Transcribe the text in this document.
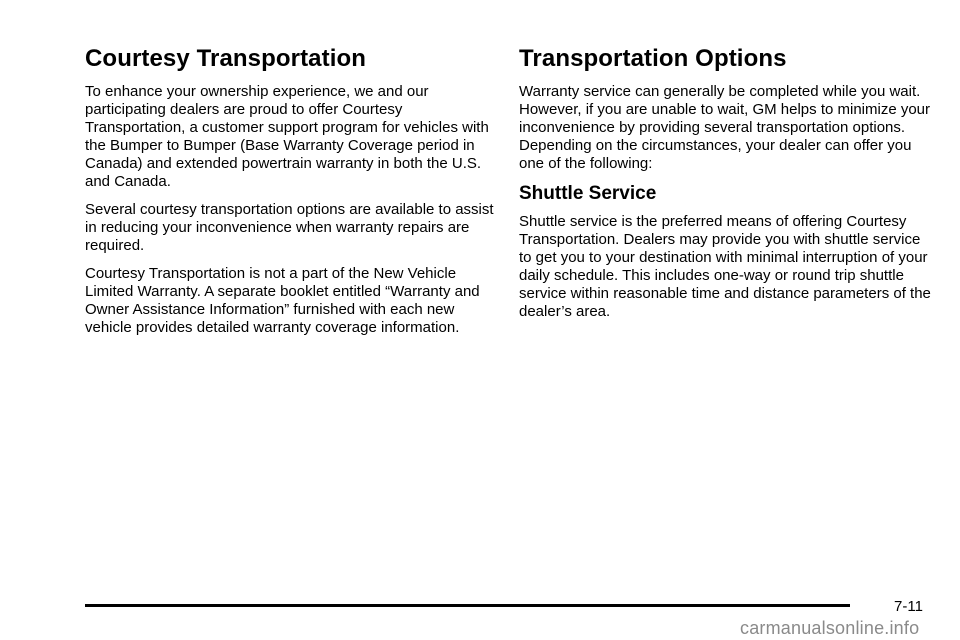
Courtesy Transportation

To enhance your ownership experience, we and our participating dealers are proud to offer Courtesy Transportation, a customer support program for vehicles with the Bumper to Bumper (Base Warranty Coverage period in Canada) and extended powertrain warranty in both the U.S. and Canada.

Several courtesy transportation options are available to assist in reducing your inconvenience when warranty repairs are required.

Courtesy Transportation is not a part of the New Vehicle Limited Warranty. A separate booklet entitled “Warranty and Owner Assistance Information” furnished with each new vehicle provides detailed warranty coverage information.

Transportation Options

Warranty service can generally be completed while you wait. However, if you are unable to wait, GM helps to minimize your inconvenience by providing several transportation options. Depending on the circumstances, your dealer can offer you one of the following:

Shuttle Service

Shuttle service is the preferred means of offering Courtesy Transportation. Dealers may provide you with shuttle service to get you to your destination with minimal interruption of your daily schedule. This includes one-way or round trip shuttle service within reasonable time and distance parameters of the dealer’s area.

7-11
carmanualsonline.info
